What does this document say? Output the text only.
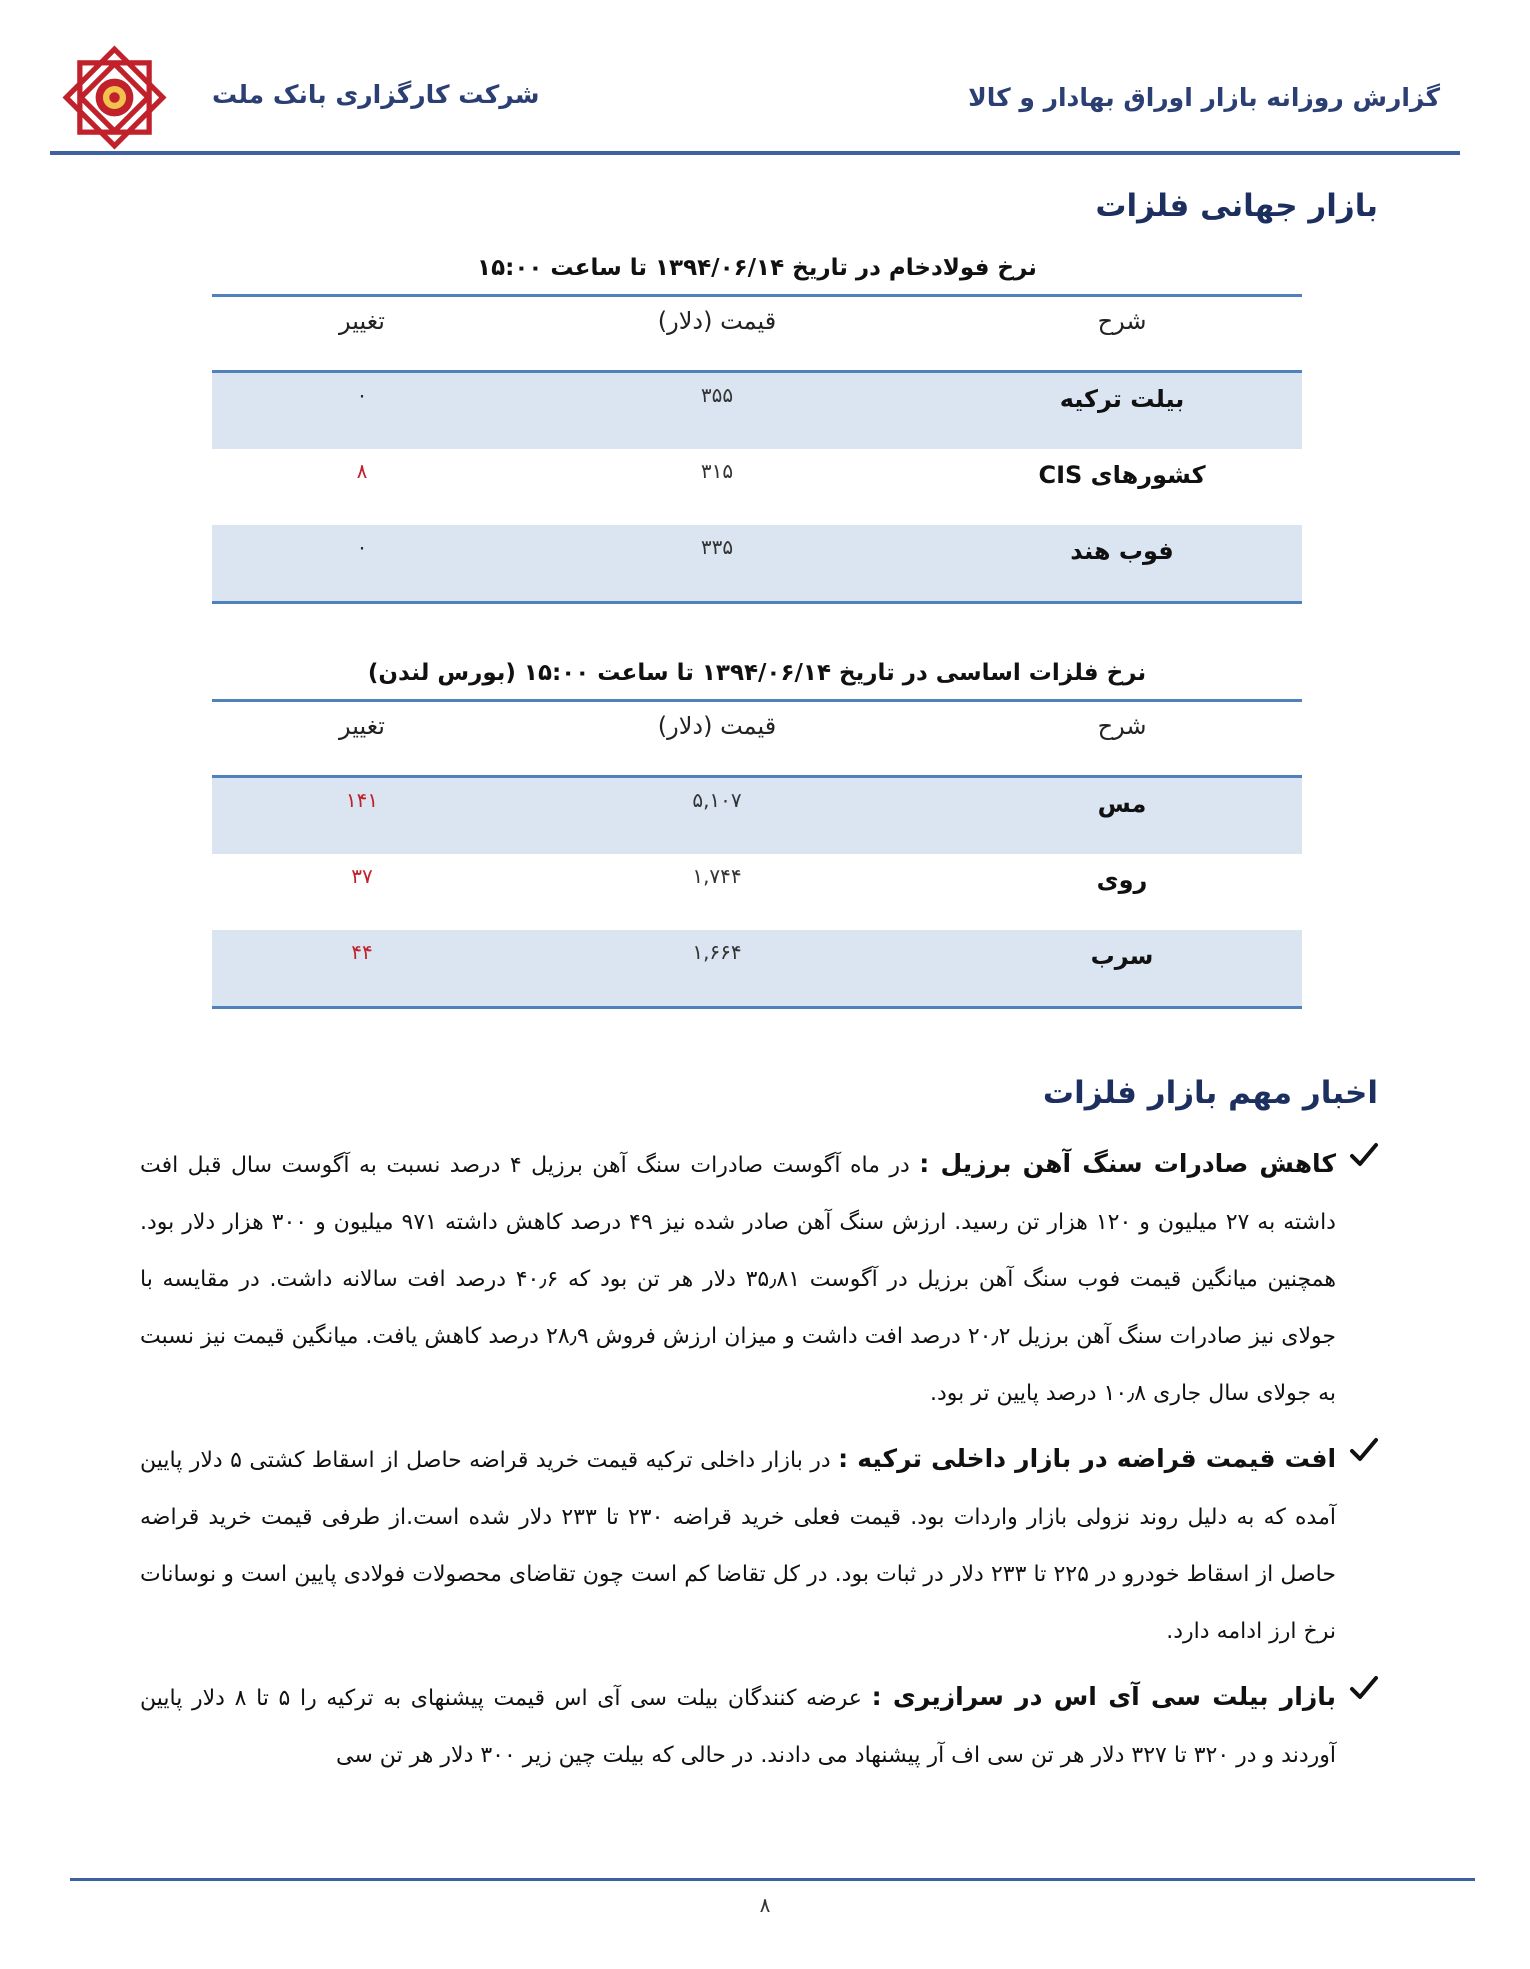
گزارش روزانه بازار اوراق بهادار و کالا
شرکت کارگزاری بانک ملت
بازار جهانی فلزات
نرخ فولادخام در تاریخ ۱۳۹۴/۰۶/۱۴ تا ساعت ۱۵:۰۰
شرح
قیمت (دلار)
تغییر
بیلت ترکیه
۳۵۵
۰
کشورهای CIS
۳۱۵
۸
فوب هند
۳۳۵
۰
نرخ فلزات اساسی در تاریخ ۱۳۹۴/۰۶/۱۴ تا ساعت ۱۵:۰۰ (بورس لندن)
شرح
قیمت (دلار)
تغییر
مس
۵,۱۰۷
۱۴۱
روی
۱,۷۴۴
۳۷
سرب
۱,۶۶۴
۴۴
اخبار مهم بازار فلزات

کاهش صادرات سنگ آهن برزیل : در ماه آگوست صادرات سنگ آهن برزیل ۴ درصد نسبت به آگوست سال قبل افت داشته به ۲۷ میلیون و ۱۲۰ هزار تن رسید. ارزش سنگ آهن صادر شده نیز ۴۹ درصد کاهش داشته ۹۷۱ میلیون و ۳۰۰ هزار دلار بود. همچنین میانگین قیمت فوب سنگ آهن برزیل در آگوست ۳۵٫۸۱ دلار هر تن بود که ۴۰٫۶ درصد افت سالانه داشت. در مقایسه با جولای نیز صادرات سنگ آهن برزیل ۲۰٫۲ درصد افت داشت و میزان ارزش فروش ۲۸٫۹ درصد کاهش یافت. میانگین قیمت نیز نسبت به جولای سال جاری ۱۰٫۸ درصد پایین تر بود.

افت قیمت قراضه در بازار داخلی ترکیه : در بازار داخلی ترکیه قیمت خرید قراضه حاصل از اسقاط کشتی ۵ دلار پایین آمده که به دلیل روند نزولی بازار واردات بود. قیمت فعلی خرید قراضه ۲۳۰ تا ۲۳۳ دلار شده است.از طرفی قیمت خرید قراضه حاصل از اسقاط خودرو در ۲۲۵ تا ۲۳۳ دلار در ثبات بود. در کل تقاضا کم است چون تقاضای محصولات فولادی پایین است و نوسانات نرخ ارز ادامه دارد.

بازار بیلت سی آی اس در سرازیری : عرضه کنندگان بیلت سی آی اس قیمت پیشنهای به ترکیه را ۵ تا ۸ دلار پایین آوردند و در ۳۲۰ تا ۳۲۷ دلار هر تن سی اف آر پیشنهاد می دادند. در حالی که بیلت چین زیر ۳۰۰ دلار هر تن سی

۸
